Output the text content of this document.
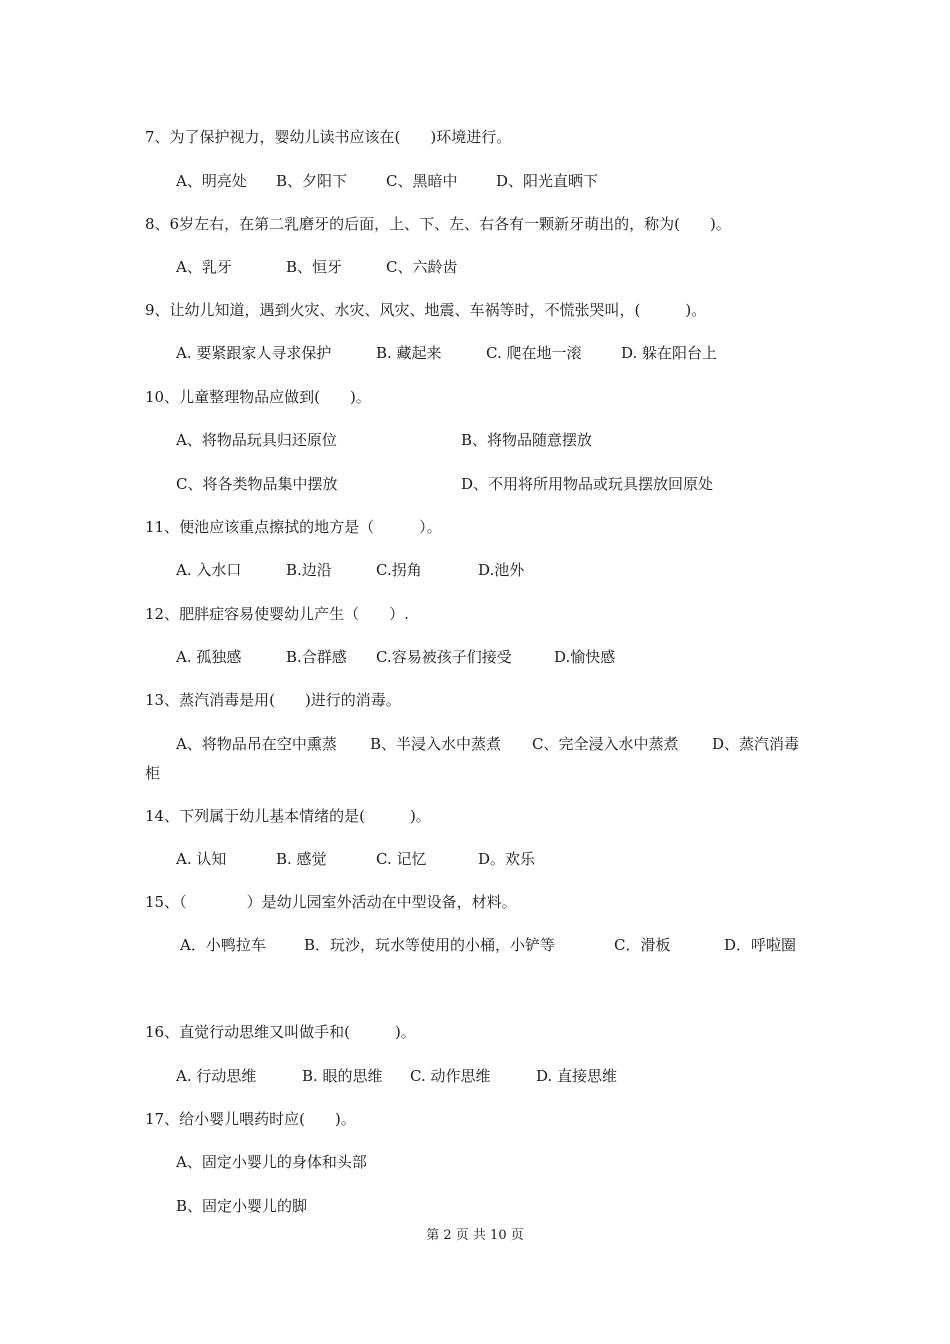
7、为了保护视力，婴幼儿读书应该在(　　)环境进行。
A、明亮处 B、夕阳下	C、黑暗中	D、阳光直晒下
8、6岁左右，在第二乳磨牙的后面，上、下、左、右各有一颗新牙萌出的，称为(　　)。
A、乳牙	B、恒牙	C、六龄齿
9、让幼儿知道，遇到火灾、水灾、风灾、地震、车祸等时，不慌张哭叫，(　　　)。
A. 要紧跟家人寻求保护	B. 藏起来	C. 爬在地一滚	D. 躲在阳台上
10、儿童整理物品应做到(　　)。
A、将物品玩具归还原位	B、将物品随意摆放
C、将各类物品集中摆放	D、不用将所用物品或玩具摆放回原处
11、便池应该重点擦拭的地方是（　　　）。
A. 入水口	B.边沿	C.拐角	D.池外
12、肥胖症容易使婴幼儿产生（　　）.
A. 孤独感	B.合群感 C.容易被孩子们接受	D.愉快感
13、蒸汽消毒是用(　　)进行的消毒。
A、将物品吊在空中熏蒸 B、半浸入水中蒸煮 C、完全浸入水中蒸煮 D、蒸汽消毒
柜
14、下列属于幼儿基本情绪的是(　　　)。
A. 认知	B. 感觉	C. 记忆	D。欢乐
15、（　　　　）是幼儿园室外活动在中型设备，材料。
A．小鸭拉车	B．玩沙，玩水等使用的小桶，小铲等	C．滑板	D．呼啦圈
16、直觉行动思维又叫做手和(　　　)。
A. 行动思维	B. 眼的思维 C. 动作思维	D. 直接思维
17、给小婴儿喂药时应(　　)。
A、固定小婴儿的身体和头部
B、固定小婴儿的脚
第 2 页 共 10 页
